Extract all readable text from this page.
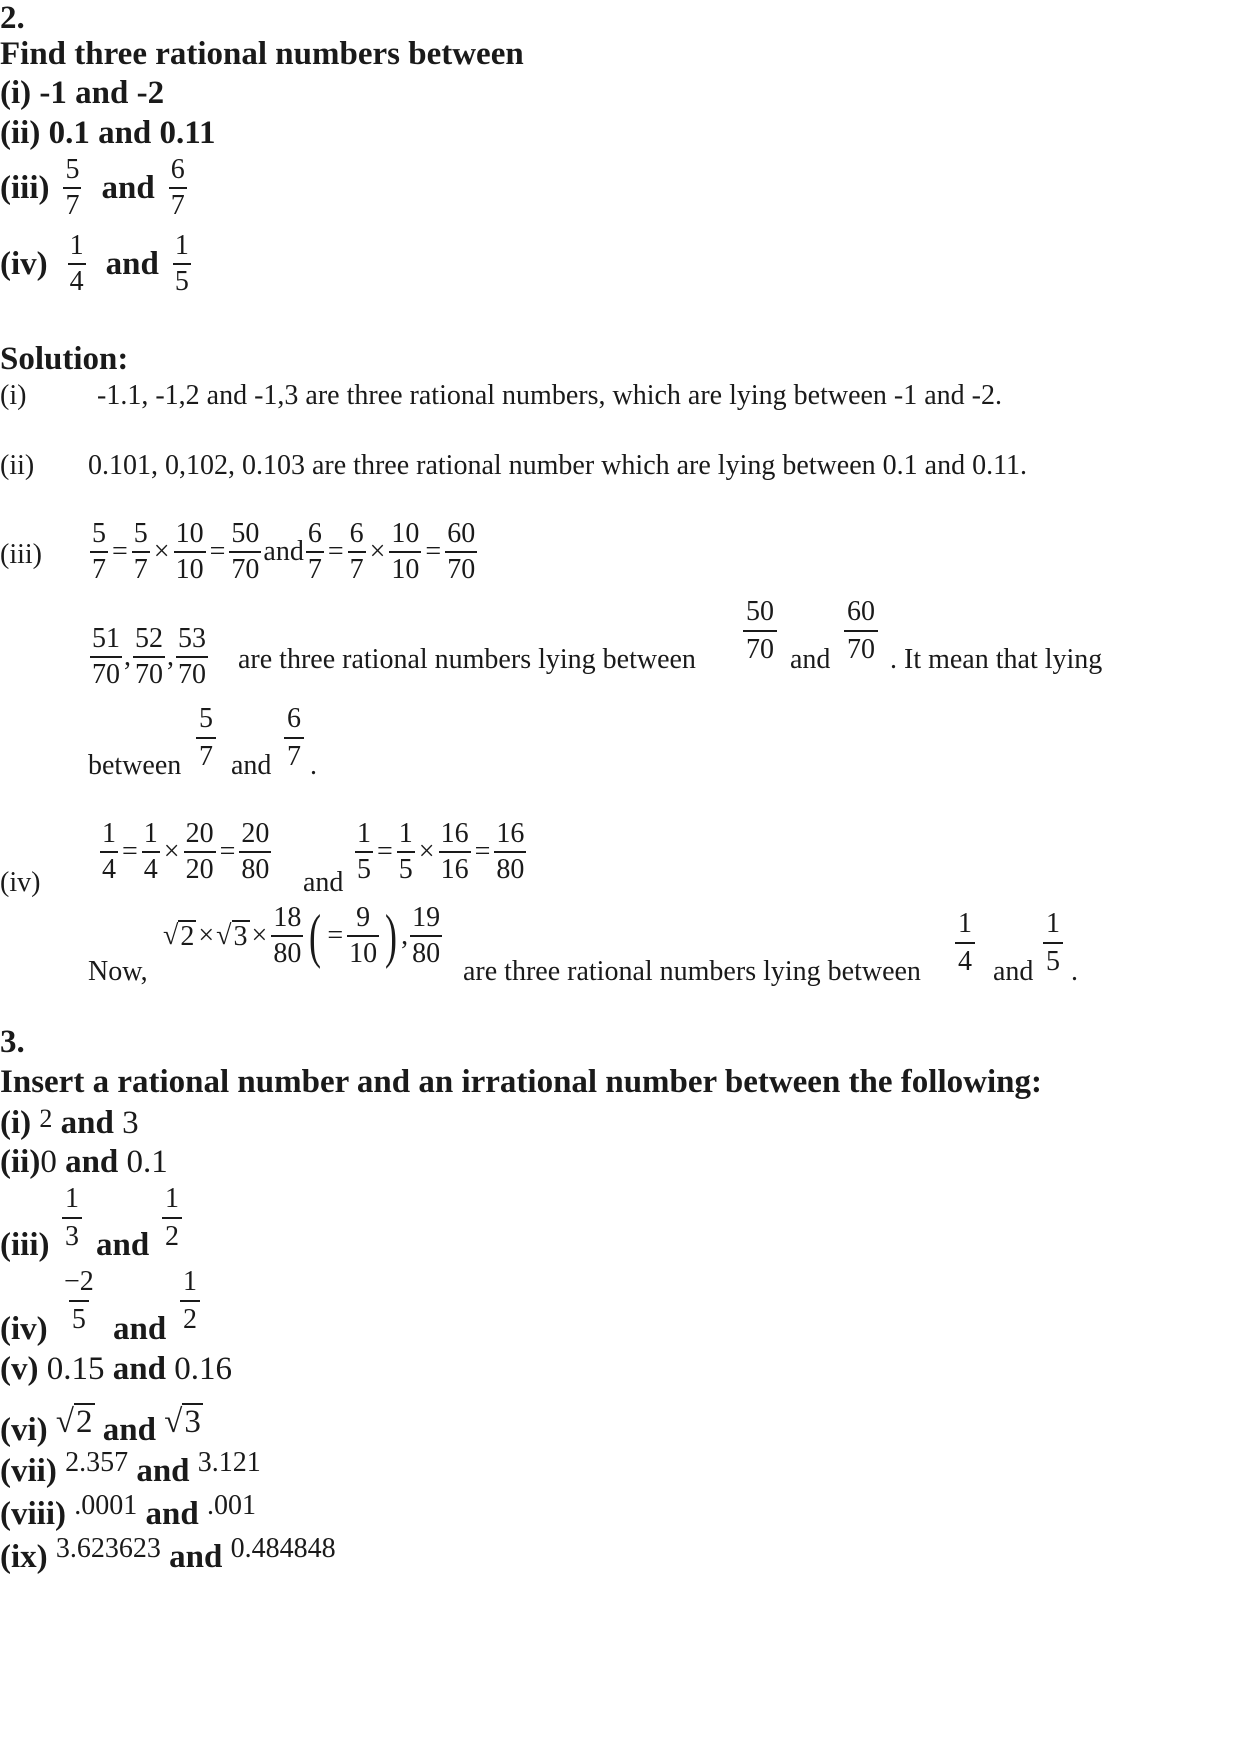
2.
Find three rational numbers between
(i) -1 and -2
(ii) 0.1 and 0.11
$(iii) \frac{5}{7}$ and $\frac{6}{7}$
$(iv) \frac{1}{4}$ and $\frac{1}{5}$
Solution:
(i)	-1.1, -1,2 and -1,3 are three rational numbers, which are lying between -1 and -2.
(ii) 0.101, 0,102, 0.103 are three rational number which are lying between 0.1 and 0.11.
$(iii) \frac{5}{7} = \frac{5}{7} \times \frac{10}{10} = \frac{50}{70}$ and $\frac{6}{7} = \frac{6}{7} \times \frac{10}{10} = \frac{60}{70}$
$\frac{51}{70}$ , $\frac{52}{70}$ , $\frac{53}{70}$ are three rational numbers lying between
50
70 and
60
70 . It mean that lying
between
5
7 and
6
7 .
$(iv) \frac{1}{4} = \frac{1}{4} \times \frac{20}{20} = \frac{20}{80}$ and $\frac{1}{5} = \frac{1}{5} \times \frac{16}{16} = \frac{16}{80}$
Now,
√ 2 × √ $3 \times \frac{18}{80}$ ( = $\frac{9}{10}$ ) , $\frac{19}{80}$
are three rational numbers lying between
1
4 and
1
5 .
3.
Insert a rational number and an irrational number between the following:
(i) 2 and 3
(ii)0 and 0.1
(iii)
1
3 and
1
2
(iv)
−2
5 and
1
2
(v) 0.15 and 0.16
(vi) √ 2 and √ 3
(vii) $^{2.357}$ and $^{3.121}$
(viii) $^{.0001}$ and $^{.001}$
(ix) $^{3.623623}$ and $^{0.484848}$
